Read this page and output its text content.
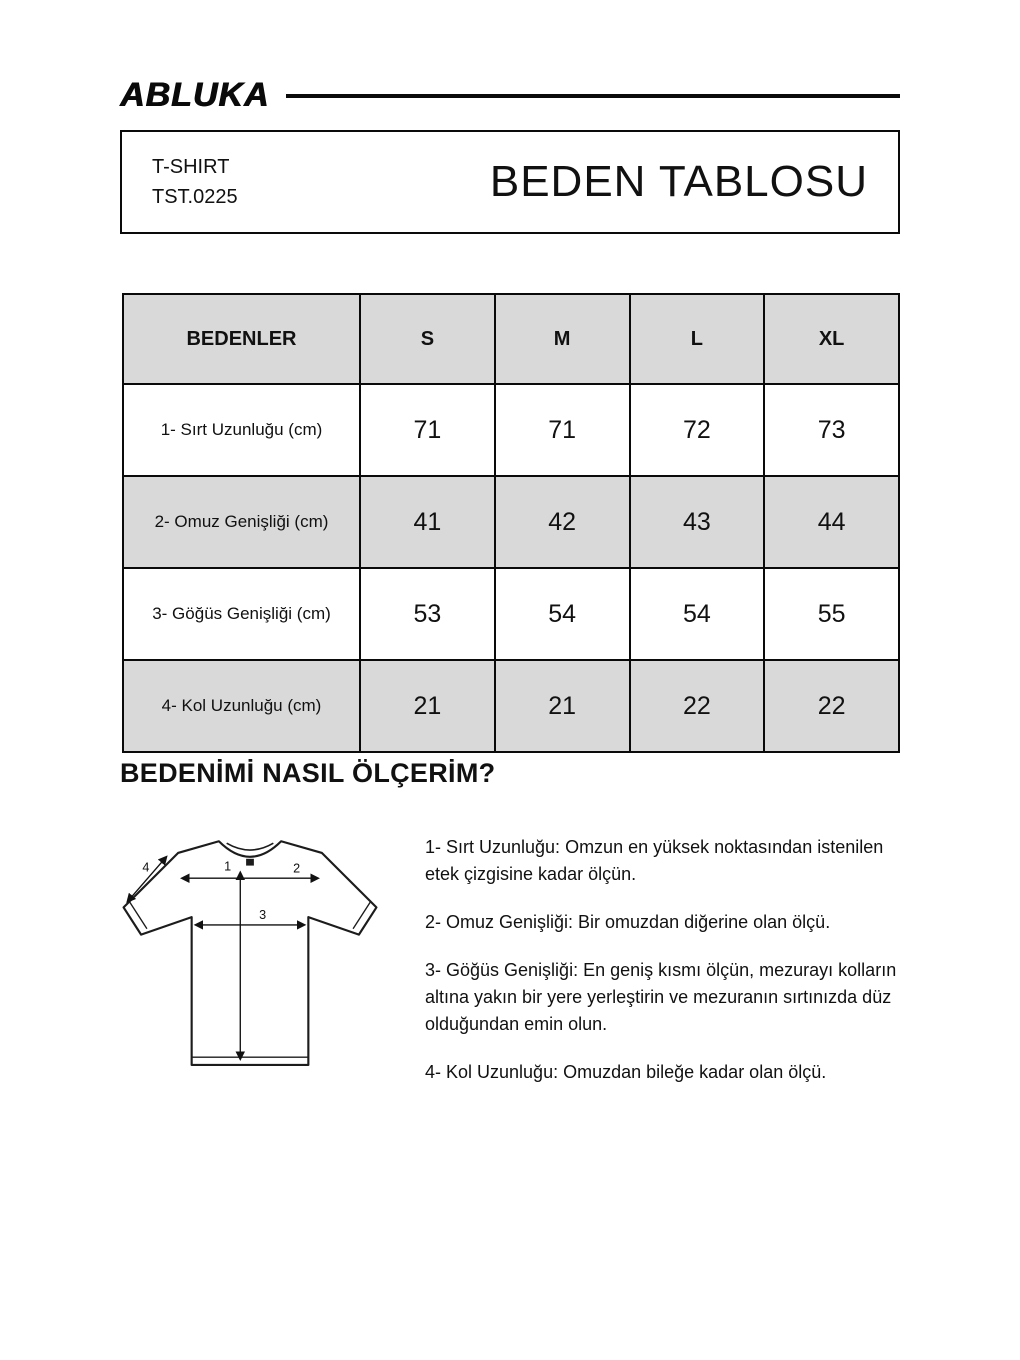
ABLUKA
T-SHIRT
TST.0225	BEDEN TABLOSU
BEDENLER	S	M	L	XL
1- Sırt Uzunluğu (cm)	71	71	72	73
2- Omuz Genişliği (cm)	41	42	43	44
3- Göğüs Genişliği (cm)	53	54	54	55
4- Kol Uzunluğu (cm)	21	21	22	22
BEDENİMİ NASIL ÖLÇERİM?
1	2
3
4

1- Sırt Uzunluğu: Omzun en yüksek noktasından istenilen etek çizgisine kadar ölçün.

2- Omuz Genişliği: Bir omuzdan diğerine olan ölçü.

3- Göğüs Genişliği: En geniş kısmı ölçün, mezurayı kolların altına yakın bir yere yerleştirin ve mezuranın sırtınızda düz olduğundan emin olun.

4- Kol Uzunluğu: Omuzdan bileğe kadar olan ölçü.
